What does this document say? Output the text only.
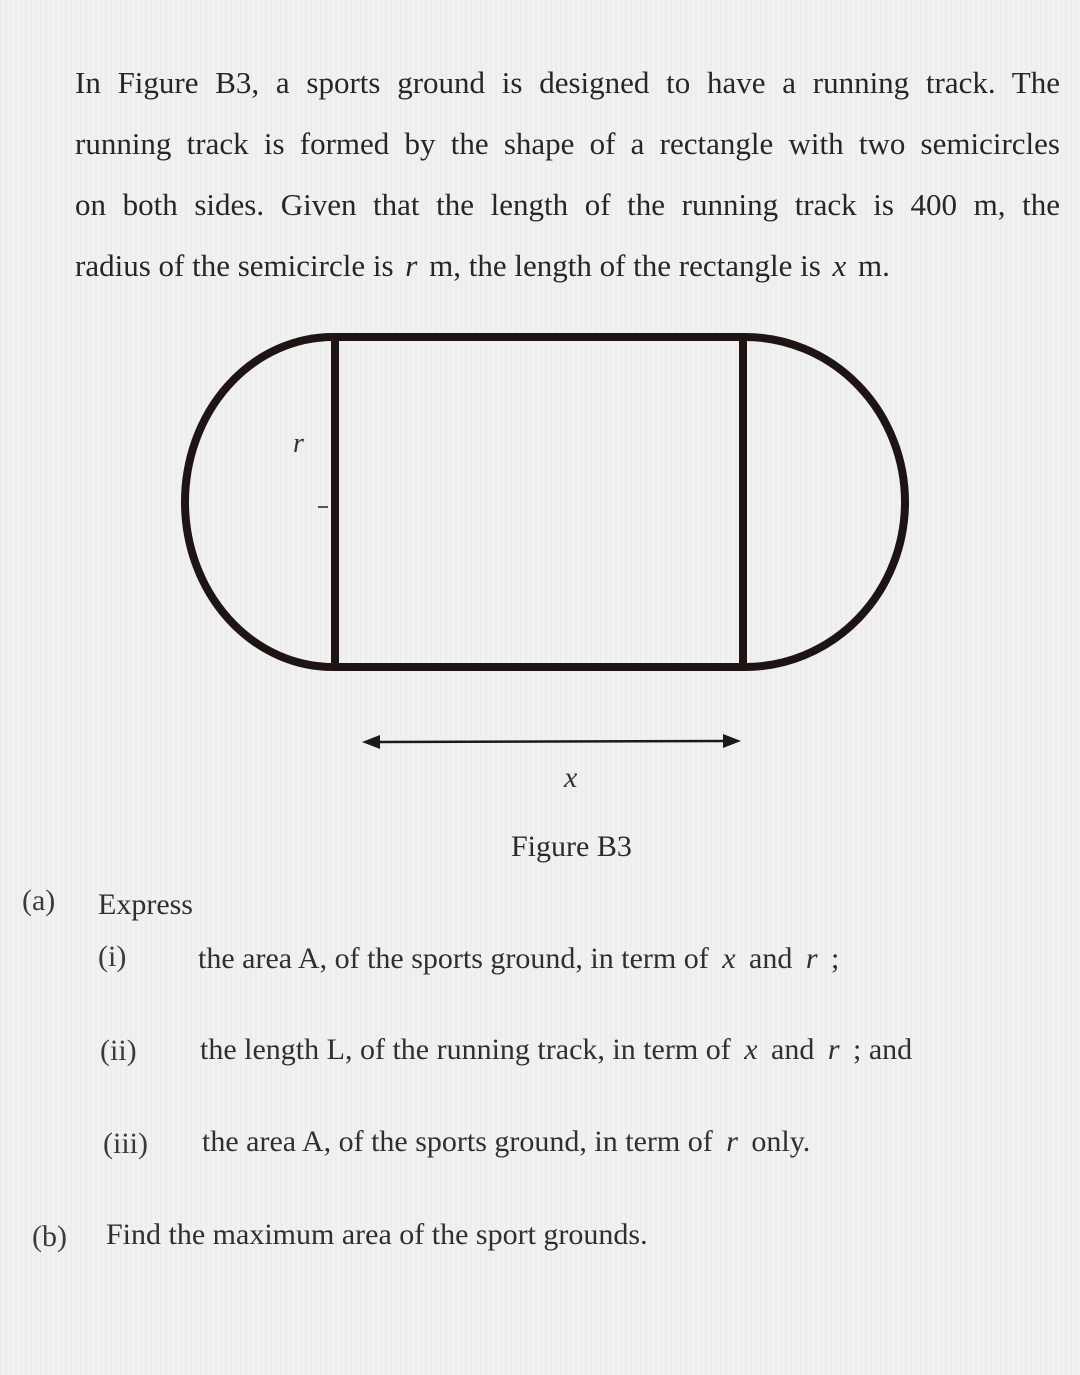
In Figure B3, a sports ground is designed to have a running track. The
running track is formed by the shape of a rectangle with two semicircles
on both sides. Given that the length of the running track is 400 m, the
radius of the semicircle is r m, the length of the rectangle is x m.
r
x
Figure B3
(a) Express
(i) the area A, of the sports ground, in term of x and r ;
(ii) the length L, of the running track, in term of x and r ; and
(iii) the area A, of the sports ground, in term of r only.
(b) Find the maximum area of the sport grounds.
